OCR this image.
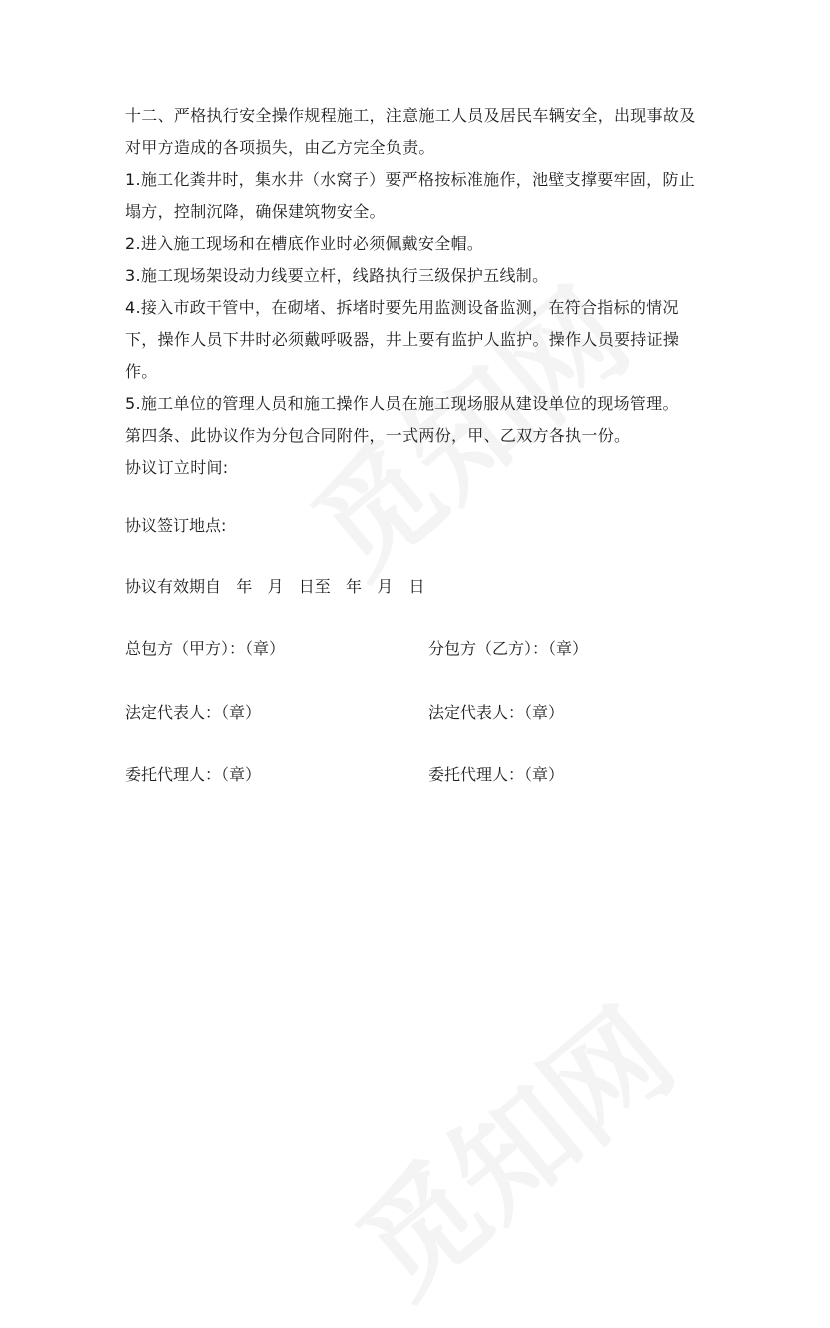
十二、严格执行安全操作规程施工，注意施工人员及居民车辆安全，出现事故及对甲方造成的各项损失，由乙方完全负责。

1.施工化粪井时，集水井（水窝子）要严格按标准施作，池壁支撑要牢固，防止塌方，控制沉降，确保建筑物安全。

2.进入施工现场和在槽底作业时必须佩戴安全帽。

3.施工现场架设动力线要立杆，线路执行三级保护五线制。

4.接入市政干管中，在砌堵、拆堵时要先用监测设备监测，在符合指标的情况下，操作人员下井时必须戴呼吸器，井上要有监护人监护。操作人员要持证操作。

5.施工单位的管理人员和施工操作人员在施工现场服从建设单位的现场管理。

第四条、此协议作为分包合同附件，一式两份，甲、乙双方各执一份。

协议订立时间:

协议签订地点:
协议有效期自   年   月   日至   年   月   日
总包方（甲方）：（章）	分包方（乙方）：（章）
法定代表人：（章）	法定代表人：（章）
委托代理人：（章）	委托代理人：（章）
